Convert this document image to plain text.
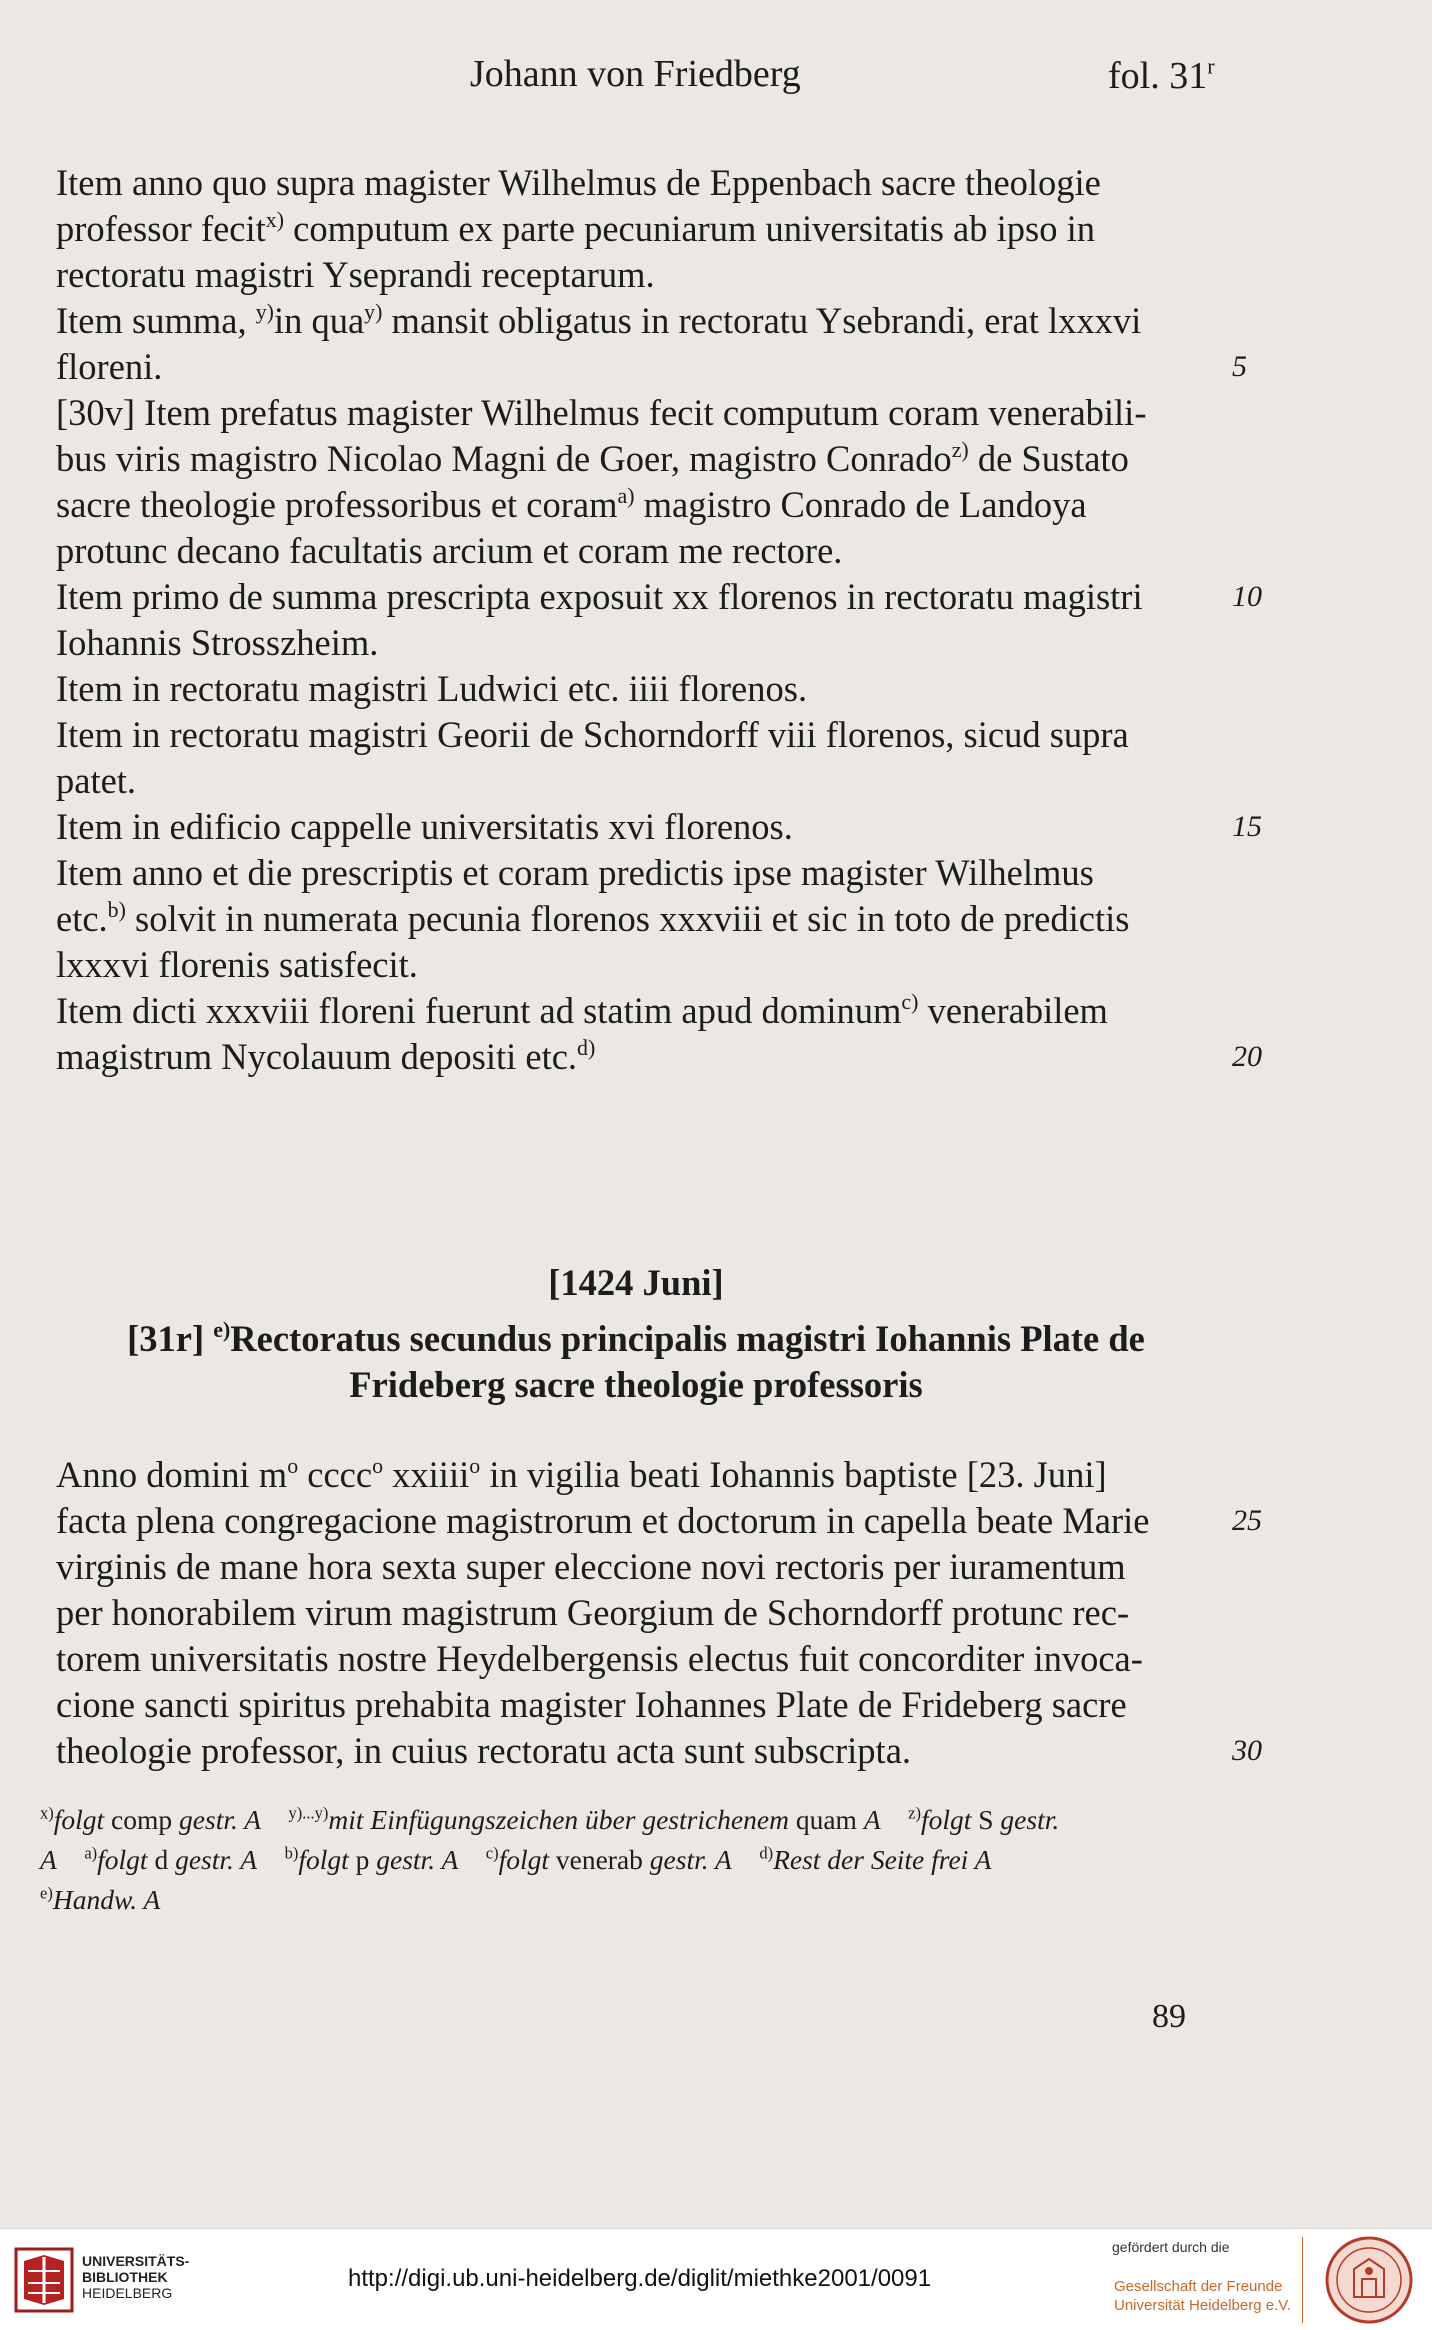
Johann von Friedberg	fol. 31$^r$
Item anno quo supra magister Wilhelmus de Eppenbach sacre theologie
professor fecit$^{x)}$ computum ex parte pecuniarum universitatis ab ipso in
rectoratu magistri Yseprandi receptarum.
Item summa, $^{y)}$in qua$^{y)}$ mansit obligatus in rectoratu Ysebrandi, erat lxxxvi
floreni.	5
[30v] Item prefatus magister Wilhelmus fecit computum coram venerabili-
bus viris magistro Nicolao Magni de Goer, magistro Conrado$^{z)}$ de Sustato
sacre theologie professoribus et coram$^{a)}$ magistro Conrado de Landoya
protunc decano facultatis arcium et coram me rectore.
Item primo de summa prescripta exposuit xx florenos in rectoratu magistri	10
Iohannis Strosszheim.
Item in rectoratu magistri Ludwici etc. iiii florenos.
Item in rectoratu magistri Georii de Schorndorff viii florenos, sicud supra
patet.
Item in edificio cappelle universitatis xvi florenos.	15
Item anno et die prescriptis et coram predictis ipse magister Wilhelmus
etc.$^{b)}$ solvit in numerata pecunia florenos xxxviii et sic in toto de predictis
lxxxvi florenis satisfecit.
Item dicti xxxviii floreni fuerunt ad statim apud dominum$^{c)}$ venerabilem
magistrum Nycolauum depositi etc.$^{d)}$	20
[1424 Juni]
[31r] $^{e)}$Rectoratus secundus principalis magistri Iohannis Plate de
Frideberg sacre theologie professoris
Anno domini $m^o$ cccc$^o$ xxiiii$^o$ in vigilia beati Iohannis baptiste [23. Juni]
facta plena congregacione magistrorum et doctorum in capella beate Marie	25
virginis de mane hora sexta super eleccione novi rectoris per iuramentum
per honorabilem virum magistrum Georgium de Schorndorff protunc rec-
torem universitatis nostre Heydelbergensis electus fuit concorditer invoca-
cione sancti spiritus prehabita magister Iohannes Plate de Frideberg sacre
theologie professor, in cuius rectoratu acta sunt subscripta.	30
$^{x)}$folgt comp gestr. A $^{y)...y)}$mit Einfügungszeichen über gestrichenem quam A $^{z)}$folgt S gestr.
A $^{a)}$folgt d gestr. A $^{b)}$folgt p gestr. A $^{c)}$folgt venerab gestr. A $^{d)}$Rest der Seite frei A
$^{e)}$Handw. A
89
UNIVERSITÄTS-
BIBLIOTHEK
HEIDELBERG
http://digi.ub.uni-heidelberg.de/diglit/miethke2001/0091
gefördert durch die
Gesellschaft der Freunde
Universität Heidelberg e.V.
